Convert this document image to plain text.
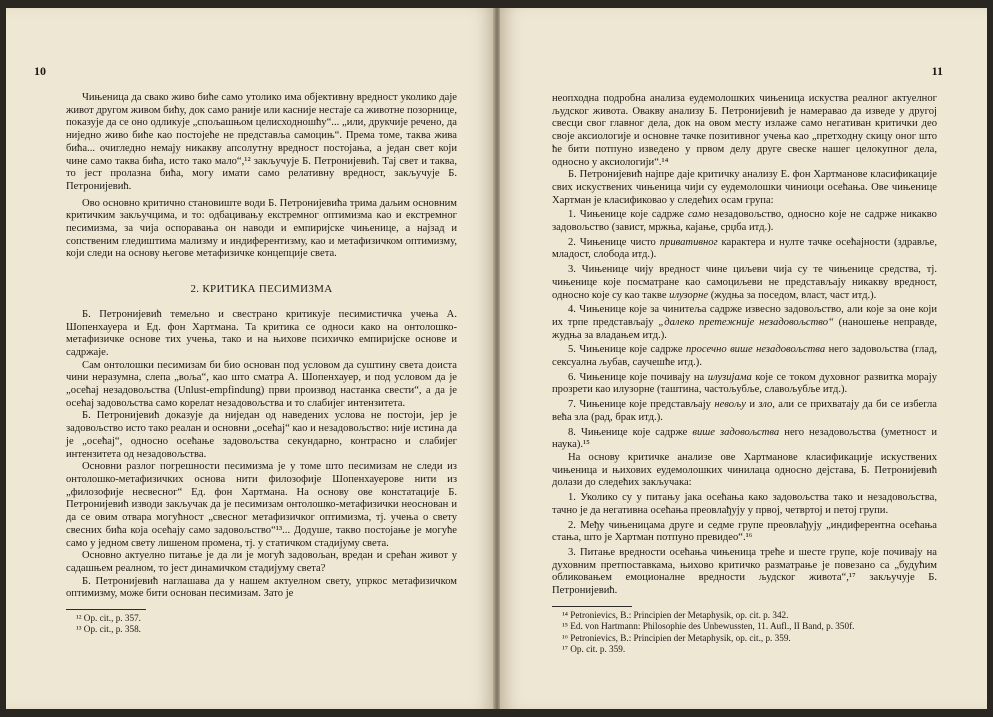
10

Чињеница да свако живо биће само утолико има објективну вредност уколико даје живот другом живом бићу, док само раније или касније нестаје са животне позорнице, показује да се оно одликује „спољашњом целисходношћу“... „или, друкчије речено, да ниједно живо биће као постојеће не представља самоцињ“. Према томе, таква жива бића... очигледно немају никакву апсолутну вредност постојања, а један свет који чине само таква бића, исто тако мало“,¹² закључује Б. Петронијевић. Тај свет и таква, то јест пролазна бића, могу имати само релативну вредност, закључује Б. Петронијевић.

Ово основно критично становиште води Б. Петронијевића трима даљим основним критичким закључцима, и то: одбацивању екстремног оптимизма као и екстремног песимизма, за чија оспоравања он наводи и емпиријске чињенице, а најзад и сопственим гледиштима мализму и индиферентизму, као и метафизичком оптимизму, који следи на основу његове метафизичке концепције света.

2. КРИТИКА ПЕСИМИЗМА

Б. Петронијевић темељно и свестрано критикује песимистичка учења А. Шопенхауера и Ед. фон Хартмана. Та критика се односи како на онтолошко-метафизичке основе тих учења, тако и на њихове психичко емпиријске основе и садржаје.

Сам онтолошки песимизам би био основан под условом да суштину света доиста чини неразумна, слепа „воља“, као што сматра А. Шопенхауер, и под условом да је „осећај незадовољства (Unlust-empfindung) први производ настанка свести“, а да је осећај задовољства само корелат незадовољства и то слабијег интензитета.

Б. Петронијевић доказује да ниједан од наведених услова не постоји, јер је задовољство исто тако реалан и основни „осећај“ као и незадовољство: није истина да је „осећај“, односно осећање задовољства секундарно, контрасно и слабијег интензитета од незадовољства.

Основни разлог погрешности песимизма је у томе што песимизам не следи из онтолошко-метафизичких основа нити филозофије Шопенхауерове нити из „филозофије несвесног“ Ед. фон Хартмана. На основу ове констатације Б. Петронијевић изводи закључак да је песимизам онтолошко-метафизички неоснован и да се овим отвара могућност „свесног метафизичког оптимизма, тј. учења о свету свесних бића која осећају само задовољство“¹³... Додуше, такво постојање је могуће само у једном свету лишеном промена, тј. у статичком стадијуму света.

Основно актуелно питање је да ли је могућ задовољан, вредан и срећан живот у садашњем реалном, то јест динамичком стадијуму света?

Б. Петронијевић наглашава да у нашем актуелном свету, упркос метафизичком оптимизму, може бити основан песимизам. Зато је

¹² Op. cit., p. 357.

¹³ Op. cit., p. 358.

11

неопходна подробна анализа еудемолошких чињеница искуства реалног актуелног људског живота. Овакву анализу Б. Петронијевић је намеравао да изведе у другој свесци свог главног дела, док на овом месту излаже само негативан критички део своје аксиологије и основне тачке позитивног учења као „претходну скицу оног што ће бити потпуно изведено у првом делу друге свеске нашег целокупног дела, односно у аксиологији“.¹⁴

Б. Петронијевић најпре даје критичку анализу Е. фон Хартманове класификације свих искуствених чињеница чији су еудемолошки чиниоци осећања. Ове чињенице Хартман је класификовао у следећих осам група:

1. Чињенице које садрже само незадовољство, односно које не садрже никакво задовољство (завист, мржња, кајање, срџба итд.).

2. Чињенице чисто привативног карактера и нулте тачке осећајности (здравље, младост, слобода итд.).

3. Чињенице чију вредност чине циљеви чија су те чињенице средства, тј. чињенице које посматране као самоциљеви не представљају никакву вредност, односно које су као такве илузорне (жудња за поседом, власт, част итд.).

4. Чињенице које за чинитеља садрже извесно задовољство, али које за оне који их трпе представљају „далеко претежније незадовољство“ (наношење неправде, жудња за владањем итд.).

5. Чињенице које садрже просечно више незадовољства него задовољства (глад, сексуална љубав, саучешће итд.).

6. Чињенице које почивају на илузијама које се током духовног развитка морају прозрети као илузорне (таштина, частољубље, славољубље итд.).

7. Чињенице које представљају невољу и зло, али се прихватају да би се избегла већа зла (рад, брак итд.).

8. Чињенице које садрже више задовољства него незадовољства (уметност и наука).¹⁵

На основу критичке анализе ове Хартманове класификације искуствених чињеница и њихових еудемолошких чинилаца односно дејстава, Б. Петронијевић долази до следећих закључака:

1. Уколико су у питању јака осећања како задовољства тако и незадовољства, тачно је да негативна осећања преовлађују у првој, четвртој и петој групи.

2. Међу чињеницама друге и седме групе преовлађују „индиферентна осећања стања, што је Хартман потпуно превидео“.¹⁶

3. Питање вредности осећања чињеница треће и шесте групе, које почивају на духовним претпоставкама, њихово критичко разматрање је повезано са „будућим обликовањем емоционалне вредности људског живота“,¹⁷ закључује Б. Петронијевић.

¹⁴ Petronievics, B.: Principien der Metaphysik, op. cit. p. 342.

¹⁵ Ed. von Hartmann: Philosophie des Unbewussten, 11. Aufl., II Band, p. 350f.

¹⁶ Petronievics, B.: Principien der Metaphysik, op. cit., p. 359.

¹⁷ Op. cit. p. 359.
